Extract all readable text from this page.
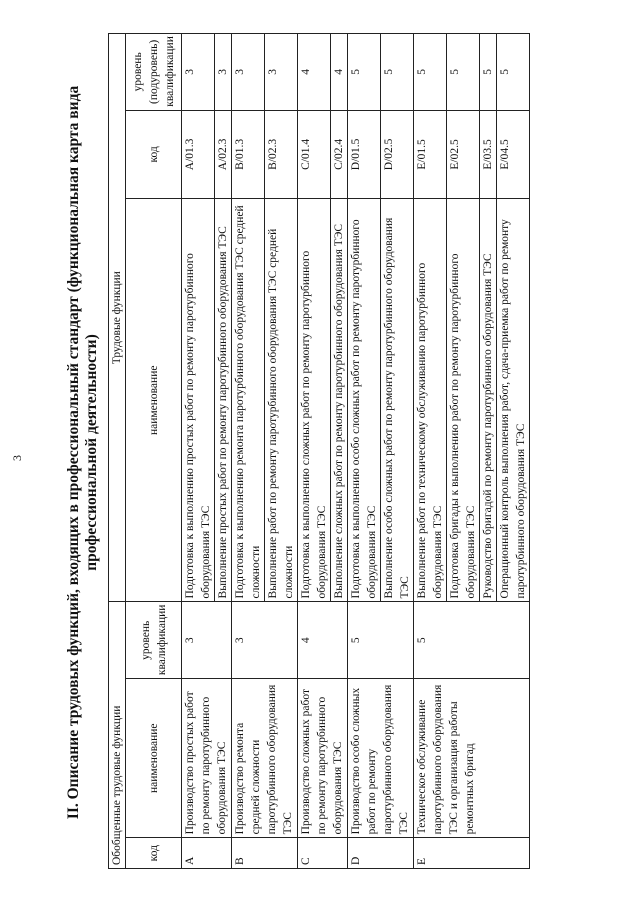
3	II. Описание трудовых функций, входящих в профессиональный стандарт (функциональная карта вида профессиональной деятельности)
Обобщенные трудовые функции			Трудовые функции		
код	наименование	уровень квалификации	наименование	код	уровень (подуровень) квалификации
А	Производство простых работ по ремонту паротурбинного оборудования ТЭС	3	Подготовка к выполнению простых работ по ремонту паротурбинного оборудования ТЭС	А/01.3	3
			Выполнение простых работ по ремонту паротурбинного оборудования ТЭС	А/02.3	3
В	Производство ремонта средней сложности паротурбинного оборудования ТЭС	3	Подготовка к выполнению ремонта паротурбинного оборудования ТЭС средней сложности	В/01.3	3
			Выполнение работ по ремонту паротурбинного оборудования ТЭС средней сложности	В/02.3	3
С	Производство сложных работ по ремонту паротурбинного оборудования ТЭС	4	Подготовка к выполнению сложных работ по ремонту паротурбинного оборудования ТЭС	С/01.4	4
			Выполнение сложных работ по ремонту паротурбинного оборудования ТЭС	С/02.4	4
D	Производство особо сложных работ по ремонту паротурбинного оборудования ТЭС	5	Подготовка к выполнению особо сложных работ по ремонту паротурбинного оборудования ТЭС	D/01.5	5
			Выполнение особо сложных работ по ремонту паротурбинного оборудования ТЭС	D/02.5	5
Е	Техническое обслуживание паротурбинного оборудования ТЭС и организация работы ремонтных бригад	5	Выполнение работ по техническому обслуживанию паротурбинного оборудования ТЭС	Е/01.5	5
			Подготовка бригады к выполнению работ по ремонту паротурбинного оборудования ТЭС	Е/02.5	5
			Руководство бригадой по ремонту паротурбинного оборудования ТЭС	Е/03.5	5
			Операционный контроль выполнения работ, сдача-приемка работ по ремонту паротурбинного оборудования ТЭС	Е/04.5	5
